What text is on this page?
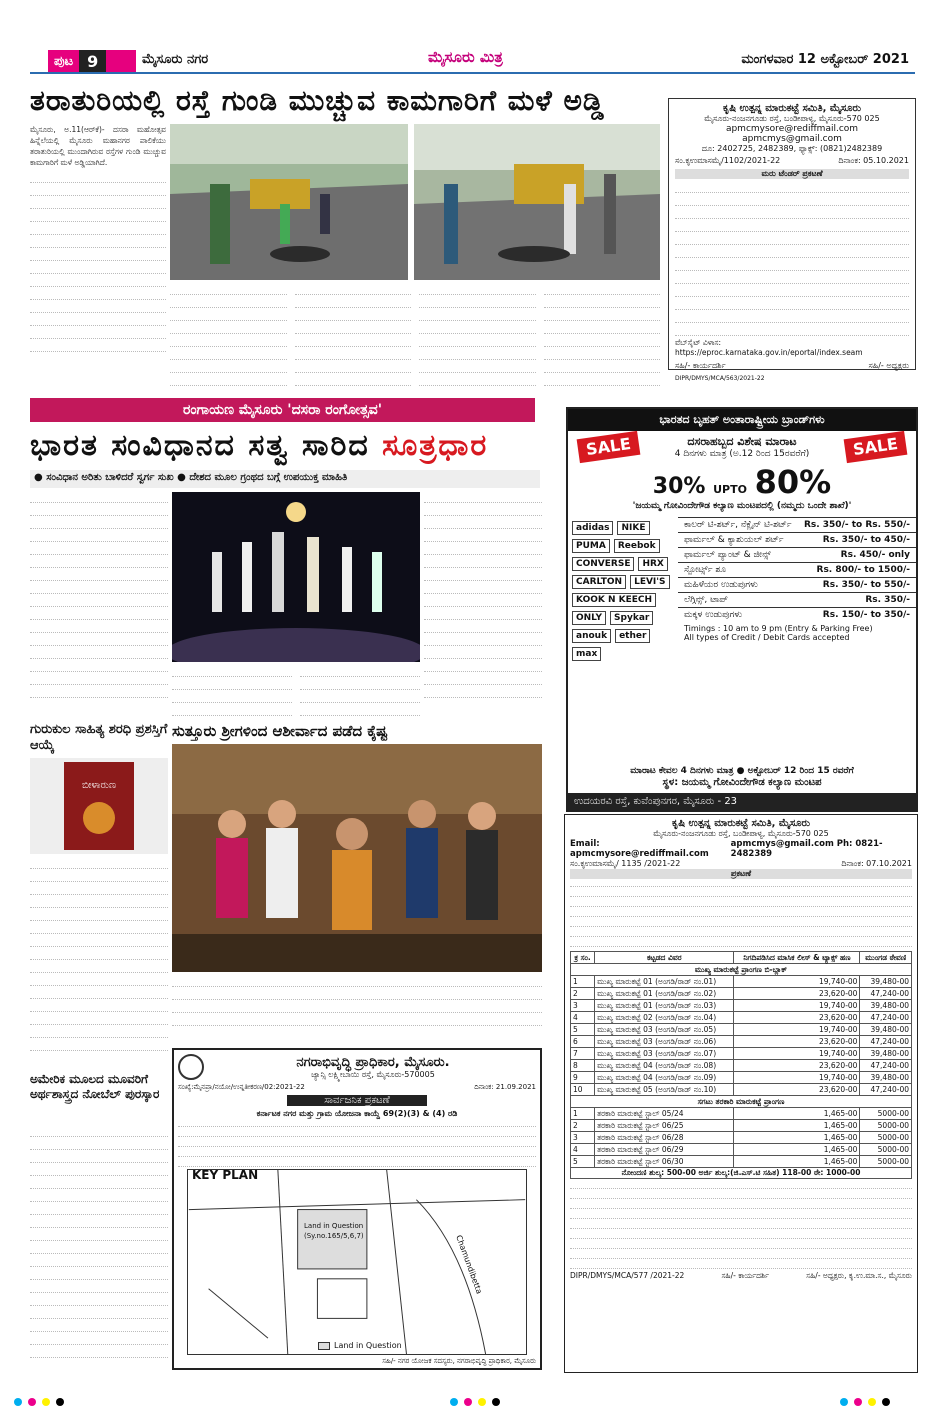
ಪುಟ 9	ಮೈಸೂರು ನಗರ	ಮೈಸೂರು ಮಿತ್ರ	ಮಂಗಳವಾರ 12 ಅಕ್ಟೋಬರ್ 2021
ತರಾತುರಿಯಲ್ಲಿ ರಸ್ತೆ ಗುಂಡಿ ಮುಚ್ಚುವ ಕಾಮಗಾರಿಗೆ ಮಳೆ ಅಡ್ಡಿ
ಮೈಸೂರು, ಅ.11(ಆರ್‌ಕೆ)- ದಸರಾ ಮಹೋತ್ಸವ ಹಿನ್ನೆಲೆಯಲ್ಲಿ ಮೈಸೂರು ಮಹಾನಗರ ಪಾಲಿಕೆಯು ತರಾತುರಿಯಲ್ಲಿ ಮುಂದಾಗಿರುವ ರಸ್ತೆಗಳ ಗುಂಡಿ ಮುಚ್ಚುವ ಕಾಮಗಾರಿಗೆ ಮಳೆ ಅಡ್ಡಿಯಾಗಿದೆ.
ಕೃಷಿ ಉತ್ಪನ್ನ ಮಾರುಕಟ್ಟೆ ಸಮಿತಿ, ಮೈಸೂರು
ಮೈಸೂರು-ನಂಜನಗೂಡು ರಸ್ತೆ, ಬಂಡೀಪಾಳ್ಯ, ಮೈಸೂರು-570 025
apmcmysore@rediffmail.com
apmcmys@gmail.com
ದೂ: 2402725, 2482389, ಫ್ಯಾಕ್ಸ್: (0821)2482389
ಸಂ.ಕೃಉಮಾಸಮೈ/1102/2021-22	ದಿನಾಂಕ: 05.10.2021
ಮರು ಟೆಂಡರ್ ಪ್ರಕಟಣೆ
ವೆಬ್‌ಸೈಟ್ ವಿಳಾಸ: https://eproc.karnataka.gov.in/eportal/index.seam
ಸಹಿ/- ಕಾರ್ಯದರ್ಶಿ	ಸಹಿ/- ಅಧ್ಯಕ್ಷರು
DIPR/DMYS/MCA/563/2021-22
ರಂಗಾಯಣ ಮೈಸೂರು 'ದಸರಾ ರಂಗೋತ್ಸವ'
ಭಾರತ ಸಂವಿಧಾನದ ಸತ್ವ ಸಾರಿದ ಸೂತ್ರಧಾರ
● ಸಂವಿಧಾನ ಅರಿತು ಬಾಳಿದರೆ ಸ್ವರ್ಗ ಸುಖ ● ದೇಶದ ಮೂಲ ಗ್ರಂಥದ ಬಗ್ಗೆ ಉಪಯುಕ್ತ ಮಾಹಿತಿ
ಭಾರತದ ಬೃಹತ್ ಅಂತಾರಾಷ್ಟ್ರೀಯ ಬ್ರಾಂಡ್‌ಗಳು
SALE	ದಸರಾಹಬ್ಬದ ವಿಶೇಷ ಮಾರಾಟ
4 ದಿನಗಳು ಮಾತ್ರ (ಅ.12 ರಿಂದ 15ರವರೆಗೆ)	SALE
30% UPTO 80%
'ಜಯಮ್ಮ ಗೋವಿಂದೇಗೌಡ ಕಲ್ಯಾಣ ಮಂಟಪದಲ್ಲಿ (ನಮ್ಮದು ಒಂದೇ ಶಾಖೆ)'
adidas	NIKE
PUMA	Reebok
CONVERSE	HRX
CARLTON	LEVI'S
KOOK N KEECH
ONLY	Spykar
anouk	ether
max
ಕಾಲರ್ ಟಿ-ಶರ್ಟ್, ನೆಕ್ಲೈನ್ ಟಿ-ಶರ್ಟ್ Rs. 350/- to Rs. 550/-
ಫಾರ್ಮಲ್ & ಕ್ಯಾಶುಯಲ್ ಶರ್ಟ್	Rs. 350/- to 450/-
ಫಾರ್ಮಲ್ ಪ್ಯಾಂಟ್ & ಜೀನ್ಸ್	Rs. 450/- only
ಸ್ಪೋರ್ಟ್ಸ್ ಶೂ	Rs. 800/- to 1500/-
ಮಹಿಳೆಯರ ಉಡುಪುಗಳು	Rs. 350/- to 550/-
ಲೆಗ್ಗಿನ್ಸ್, ಟಾಪ್	Rs. 350/-
ಮಕ್ಕಳ ಉಡುಪುಗಳು	Rs. 150/- to 350/-
Timings : 10 am to 9 pm (Entry & Parking Free)
All types of Credit / Debit Cards accepted
ಮಾರಾಟ ಕೇವಲ 4 ದಿನಗಳು ಮಾತ್ರ ● ಅಕ್ಟೋಬರ್ 12 ರಿಂದ 15 ರವರೆಗೆ
ಸ್ಥಳ: ಜಯಮ್ಮ ಗೋವಿಂದೇಗೌಡ ಕಲ್ಯಾಣ ಮಂಟಪ
ಉದಯರವಿ ರಸ್ತೆ, ಕುವೆಂಪುನಗರ, ಮೈಸೂರು - 23
ಗುರುಕುಲ ಸಾಹಿತ್ಯ ಶರಧಿ ಪ್ರಶಸ್ತಿಗೆ ಆಯ್ಕೆ
ಬೀಳಾರುಣ
ಸುತ್ತೂರು ಶ್ರೀಗಳಿಂದ ಆಶೀರ್ವಾದ ಪಡೆದ ಕೈಷ್ಟ
ಅಮೇರಿಕ ಮೂಲದ ಮೂವರಿಗೆ ಅರ್ಥಶಾಸ್ತ್ರದ ನೋಬೆಲ್ ಪುರಸ್ಕಾರ
ನಗರಾಭಿವೃದ್ಧಿ ಪ್ರಾಧಿಕಾರ, ಮೈಸೂರು.
ಜ್ಯಾನ್ಸಿ ಲಕ್ಷ್ಮೀಬಾಯಿ ರಸ್ತೆ, ಮೈಸೂರು-570005
ಸಂಖ್ಯೆ:ಮೈನಪ್ರಾ/ನಯೋ/ಉನ್ನತೀಕರಣ/02:2021-22	ದಿನಾಂಕ: 21.09.2021
ಸಾರ್ವಜನಿಕ ಪ್ರಕಟಣೆ
ಕರ್ನಾಟಕ ನಗರ ಮತ್ತು ಗ್ರಾಮ ಯೋಜನಾ ಕಾಯ್ದೆ 69(2)(3) & (4) ರಡಿ
KEY PLAN
Land in Question
(Sy.no.165/5,6,7)	Chamundibetta
Land in Question
ಸಹಿ/- ನಗರ ಯೋಜಕ ಸದಸ್ಯರು, ನಗರಾಭಿವೃದ್ಧಿ ಪ್ರಾಧಿಕಾರ, ಮೈಸೂರು
ಕೃಷಿ ಉತ್ಪನ್ನ ಮಾರುಕಟ್ಟೆ ಸಮಿತಿ, ಮೈಸೂರು
ಮೈಸೂರು-ನಂಜನಗೂಡು ರಸ್ತೆ, ಬಂಡೀಪಾಳ್ಯ, ಮೈಸೂರು-570 025
Email: apmcmysore@rediffmail.com
apmcmys@gmail.com Ph: 0821-2482389
ಸಂ.ಕೃಉಮಾಸಮೈ/ 1135 /2021-22	ದಿನಾಂಕ: 07.10.2021
ಪ್ರಕಟಣೆ
ಕ್ರ ಸಂ.	ಕಟ್ಟಡದ ವಿವರ	ನಿಗದಿಪಡಿಸಿದ ಮಾಸಿಕ ಲೀಸ್ & ಟ್ಯಾಕ್ಸ್ ಹಣ	ಮುಂಗಡ ಠೇವಣಿ
ಮುಖ್ಯ ಮಾರುಕಟ್ಟೆ ಪ್ರಾಂಗಣ ಬಿ-ಬ್ಲಾಕ್			
1	ಮುಖ್ಯ ಮಾರುಕಟ್ಟೆ 01 (ಅಂಗಡಿ/ರಾಡ್ ನಂ.01)	19,740-00	39,480-00
2	ಮುಖ್ಯ ಮಾರುಕಟ್ಟೆ 01 (ಅಂಗಡಿ/ರಾಡ್ ನಂ.02)	23,620-00	47,240-00
3	ಮುಖ್ಯ ಮಾರುಕಟ್ಟೆ 01 (ಅಂಗಡಿ/ರಾಡ್ ನಂ.03)	19,740-00	39,480-00
4	ಮುಖ್ಯ ಮಾರುಕಟ್ಟೆ 02 (ಅಂಗಡಿ/ರಾಡ್ ನಂ.04)	23,620-00	47,240-00
5	ಮುಖ್ಯ ಮಾರುಕಟ್ಟೆ 03 (ಅಂಗಡಿ/ರಾಡ್ ನಂ.05)	19,740-00	39,480-00
6	ಮುಖ್ಯ ಮಾರುಕಟ್ಟೆ 03 (ಅಂಗಡಿ/ರಾಡ್ ನಂ.06)	23,620-00	47,240-00
7	ಮುಖ್ಯ ಮಾರುಕಟ್ಟೆ 03 (ಅಂಗಡಿ/ರಾಡ್ ನಂ.07)	19,740-00	39,480-00
8	ಮುಖ್ಯ ಮಾರುಕಟ್ಟೆ 04 (ಅಂಗಡಿ/ರಾಡ್ ನಂ.08)	23,620-00	47,240-00
9	ಮುಖ್ಯ ಮಾರುಕಟ್ಟೆ 04 (ಅಂಗಡಿ/ರಾಡ್ ನಂ.09)	19,740-00	39,480-00
10	ಮುಖ್ಯ ಮಾರುಕಟ್ಟೆ 05 (ಅಂಗಡಿ/ರಾಡ್ ನಂ.10)	23,620-00	47,240-00
ಸಗಟು ತರಕಾರಿ ಮಾರುಕಟ್ಟೆ ಪ್ರಾಂಗಣ			
1	ತರಕಾರಿ ಮಾರುಕಟ್ಟೆ ಸ್ಟಾಲ್ 05/24	1,465-00	5000-00
2	ತರಕಾರಿ ಮಾರುಕಟ್ಟೆ ಸ್ಟಾಲ್ 06/25	1,465-00	5000-00
3	ತರಕಾರಿ ಮಾರುಕಟ್ಟೆ ಸ್ಟಾಲ್ 06/28	1,465-00	5000-00
4	ತರಕಾರಿ ಮಾರುಕಟ್ಟೆ ಸ್ಟಾಲ್ 06/29	1,465-00	5000-00
5	ತರಕಾರಿ ಮಾರುಕಟ್ಟೆ ಸ್ಟಾಲ್ 06/30	1,465-00	5000-00
ನೋಂದಣಿ ಶುಲ್ಕ: 500-00 ಅರ್ಜಿ ಶುಲ್ಕ:(ಜಿ.ಎಸ್.ಟಿ ಸಹಿತ) 118-00 ಠೇ: 1000-00
DIPR/DMYS/MCA/577 /2021-22	ಸಹಿ/- ಕಾರ್ಯದರ್ಶಿ	ಸಹಿ/- ಅಧ್ಯಕ್ಷರು, ಕೃ.ಉ.ಮಾ.ಸ., ಮೈಸೂರು
